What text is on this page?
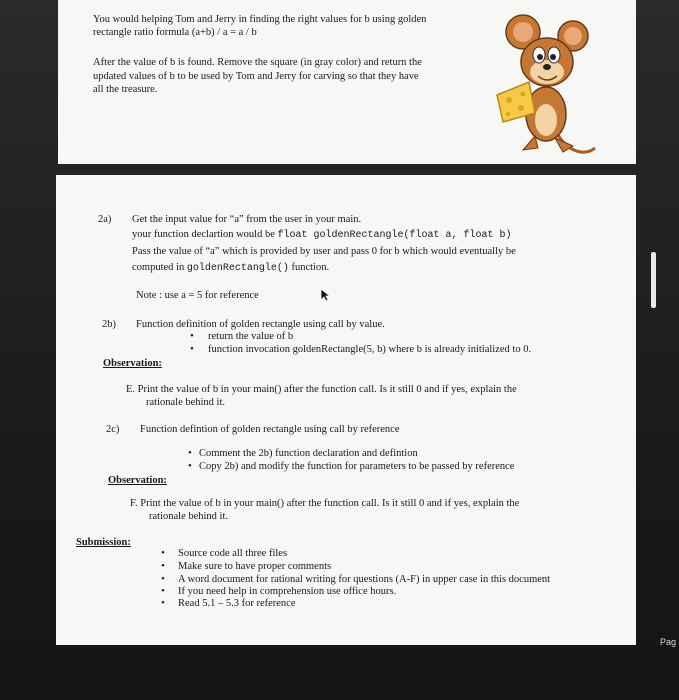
You would helping Tom and Jerry in finding the right values for b using golden
rectangle ratio formula (a+b) / a = a / b
After the value of b is found. Remove the square (in gray color) and return the
updated values of b to be used by Tom and Jerry for carving so that they have
all the treasure.
2a) Get the input value for “a” from the user in your main.
your function declartion would be float goldenRectangle(float a, float b)
Pass the value of “a” which is provided by user and pass 0 for b which would eventually be
computed in goldenRectangle() function.
Note : use a = 5 for reference
2b) Function definition of golden rectangle using call by value.
• return the value of b
• function invocation goldenRectangle(5, b) where b is already initialized to 0.
Observation:
E. Print the value of b in your main() after the function call. Is it still 0 and if yes, explain the
rationale behind it.
2c) Function defintion of golden rectangle using call by reference
• Comment the 2b) function declaration and defintion
• Copy 2b) and modify the function for parameters to be passed by reference
Observation:
F. Print the value of b in your main() after the function call. Is it still 0 and if yes, explain the
rationale behind it.
Submission:
• Source code all three files
• Make sure to have proper comments
• A word document for rational writing for questions (A-F) in upper case in this document
• If you need help in comprehension use office hours.
• Read 5.1 – 5.3 for reference
Pag
